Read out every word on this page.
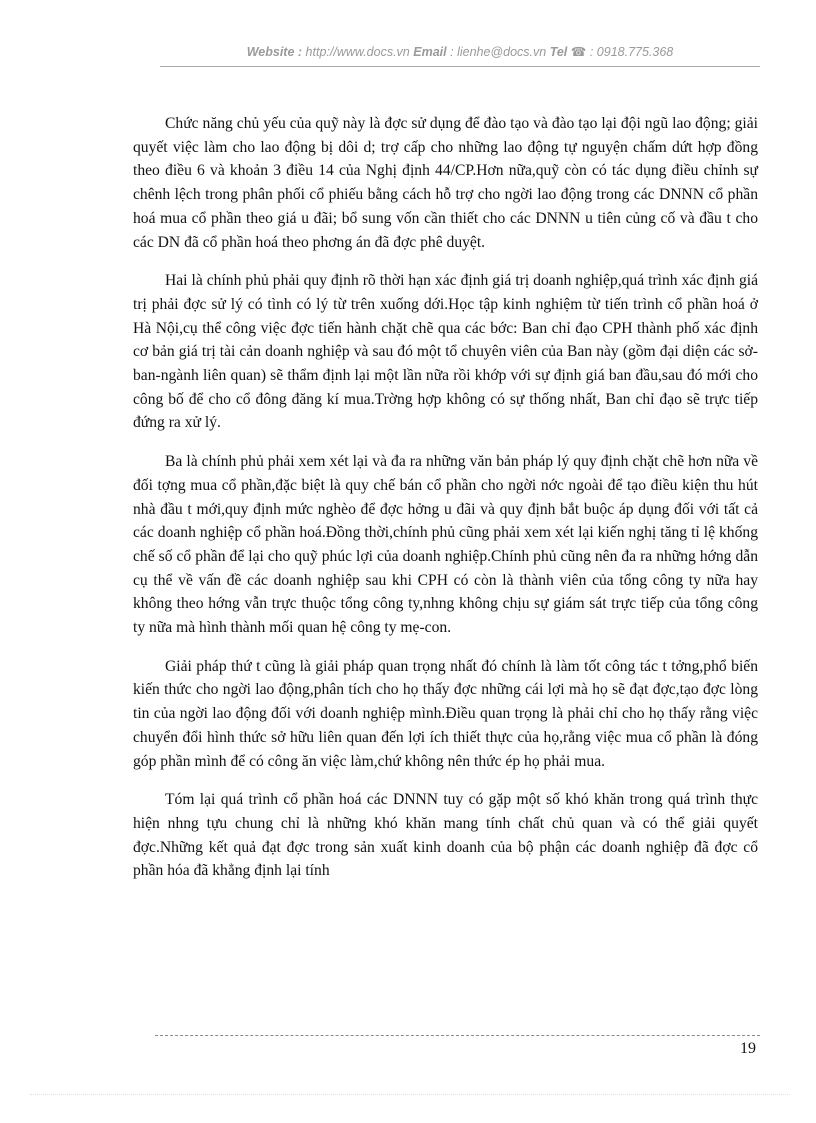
Website : http://www.docs.vn Email : lienhe@docs.vn Tel ☎ : 0918.775.368

Chức năng chủ yếu của quỹ này là đợc sử dụng để đào tạo và đào tạo lại đội ngũ lao động; giải quyết việc làm cho lao động bị dôi d; trợ cấp cho những lao động tự nguyện chấm dứt hợp đồng theo điều 6 và khoản 3 điều 14 của Nghị định 44/CP.Hơn nữa,quỹ còn có tác dụng điều chỉnh sự chênh lệch trong phân phối cổ phiếu bằng cách hỗ trợ cho ngời lao động trong các DNNN cổ phần hoá mua cổ phần theo giá u đãi; bổ sung vốn cần thiết cho các DNNN u tiên củng cố và đầu t cho các DN đã cổ phần hoá theo phơng án đã đợc phê duyệt.

Hai là chính phủ phải quy định rõ thời hạn xác định giá trị doanh nghiệp,quá trình xác định giá trị phải đợc sử lý có tình có lý từ trên xuống dới.Học tập kinh nghiệm từ tiến trình cổ phần hoá ở Hà Nội,cụ thể công việc đợc tiến hành chặt chẽ qua các bớc: Ban chỉ đạo CPH thành phố xác định cơ bản giá trị tài cản doanh nghiệp và sau đó một tổ chuyên viên của Ban này (gồm đại diện các sở-ban-ngành liên quan) sẽ thẩm định lại một lần nữa rồi khớp với sự định giá ban đầu,sau đó mới cho công bố để cho cổ đông đăng kí mua.Trờng hợp không có sự thống nhất, Ban chỉ đạo sẽ trực tiếp đứng ra xử lý.

Ba là chính phủ phải xem xét lại và đa ra những văn bản pháp lý quy định chặt chẽ hơn nữa về đối tợng mua cổ phần,đặc biệt là quy chế bán cổ phần cho ngời nớc ngoài để tạo điều kiện thu hút nhà đầu t mới,quy định mức nghèo để đợc hởng u đãi và quy định bắt buộc áp dụng đối với tất cả các doanh nghiệp cổ phần hoá.Đồng thời,chính phủ cũng phải xem xét lại kiến nghị tăng tỉ lệ khống chế số cổ phần để lại cho quỹ phúc lợi của doanh nghiệp.Chính phủ cũng nên đa ra những hớng dẫn cụ thể về vấn đề các doanh nghiệp sau khi CPH có còn là thành viên của tổng công ty nữa hay không theo hớng vẫn trực thuộc tổng công ty,nhng không chịu sự giám sát trực tiếp của tổng công ty nữa mà hình thành mối quan hệ công ty mẹ-con.

Giải pháp thứ t cũng là giải pháp quan trọng nhất đó chính là làm tốt công tác t tởng,phổ biến kiến thức cho ngời lao động,phân tích cho họ thấy đợc những cái lợi mà họ sẽ đạt đợc,tạo đợc lòng tin của ngời lao động đối với doanh nghiệp mình.Điều quan trọng là phải chỉ cho họ thấy rằng việc chuyển đổi hình thức sở hữu liên quan đến lợi ích thiết thực của họ,rằng việc mua cổ phần là đóng góp phần mình để có công ăn việc làm,chứ không nên thức ép họ phải mua.

Tóm lại quá trình cổ phần hoá các DNNN tuy có gặp một số khó khăn trong quá trình thực hiện nhng tựu chung chỉ là những khó khăn mang tính chất chủ quan và có thể giải quyết đợc.Những kết quả đạt đợc trong sản xuất kinh doanh của bộ phận các doanh nghiệp đã đợc cổ phần hóa đã khẳng định lại tính

19
